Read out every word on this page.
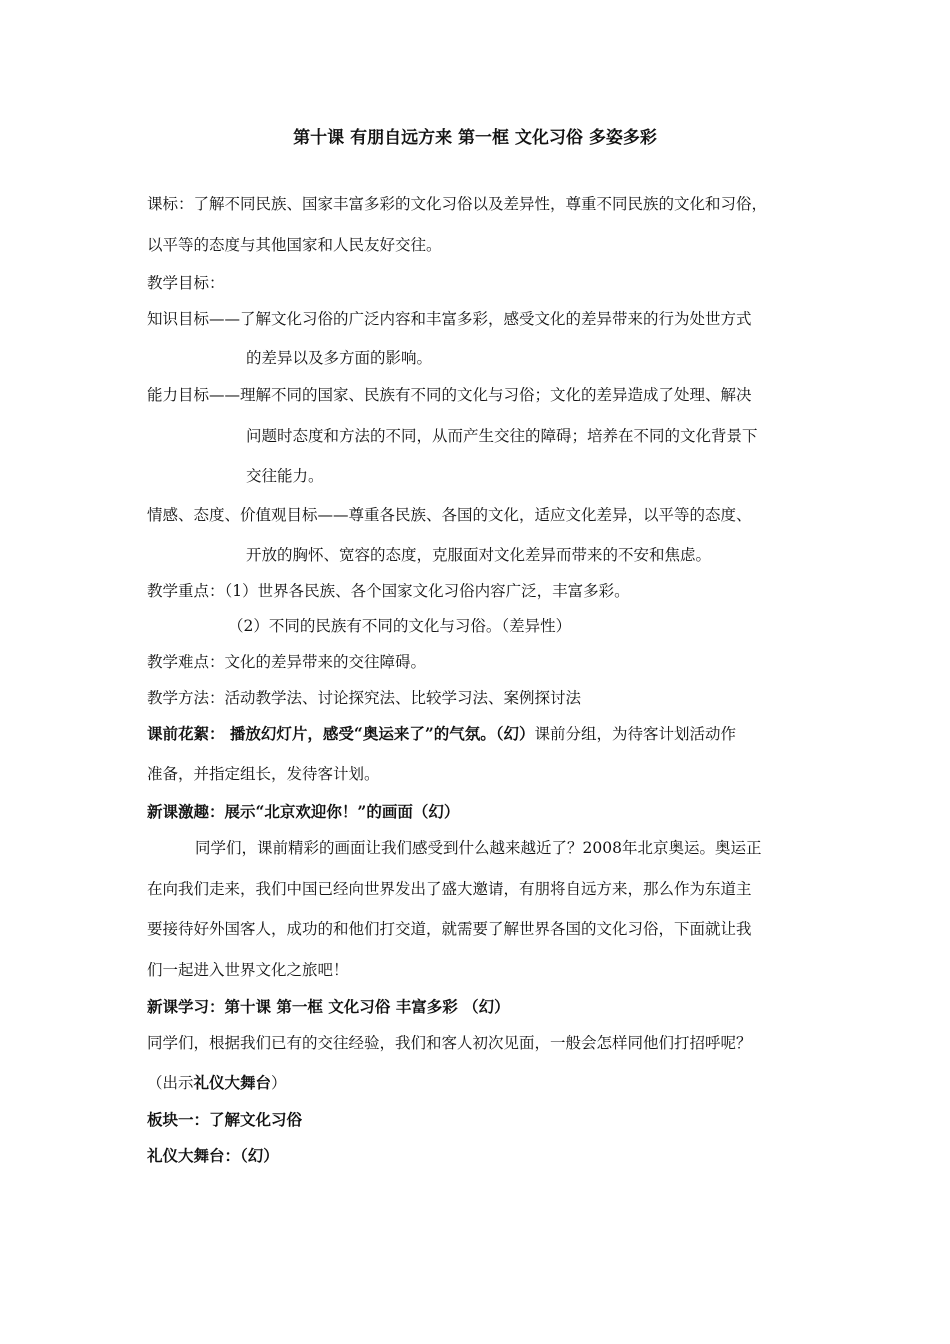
第十课 有朋自远方来 第一框 文化习俗 多姿多彩
课标：了解不同民族、国家丰富多彩的文化习俗以及差异性，尊重不同民族的文化和习俗，
以平等的态度与其他国家和人民友好交往。
教学目标：
知识目标——了解文化习俗的广泛内容和丰富多彩，感受文化的差异带来的行为处世方式
的差异以及多方面的影响。
能力目标——理解不同的国家、民族有不同的文化与习俗；文化的差异造成了处理、解决
问题时态度和方法的不同，从而产生交往的障碍；培养在不同的文化背景下
交往能力。
情感、态度、价值观目标——尊重各民族、各国的文化，适应文化差异，以平等的态度、
开放的胸怀、宽容的态度，克服面对文化差异而带来的不安和焦虑。
教学重点：（1）世界各民族、各个国家文化习俗内容广泛，丰富多彩。
（2）不同的民族有不同的文化与习俗。（差异性）
教学难点：文化的差异带来的交往障碍。
教学方法：活动教学法、讨论探究法、比较学习法、案例探讨法
课前花絮： 播放幻灯片，感受“奥运来了”的气氛。（幻）课前分组，为待客计划活动作
准备，并指定组长，发待客计划。
新课激趣：展示“北京欢迎你！”的画面（幻）
同学们，课前精彩的画面让我们感受到什么越来越近了？2008年北京奥运。奥运正
在向我们走来，我们中国已经向世界发出了盛大邀请，有朋将自远方来，那么作为东道主
要接待好外国客人，成功的和他们打交道，就需要了解世界各国的文化习俗，下面就让我
们一起进入世界文化之旅吧！
新课学习：第十课 第一框 文化习俗 丰富多彩 （幻）
同学们，根据我们已有的交往经验，我们和客人初次见面，一般会怎样同他们打招呼呢？
（出示礼仪大舞台）
板块一：了解文化习俗
礼仪大舞台：（幻）
